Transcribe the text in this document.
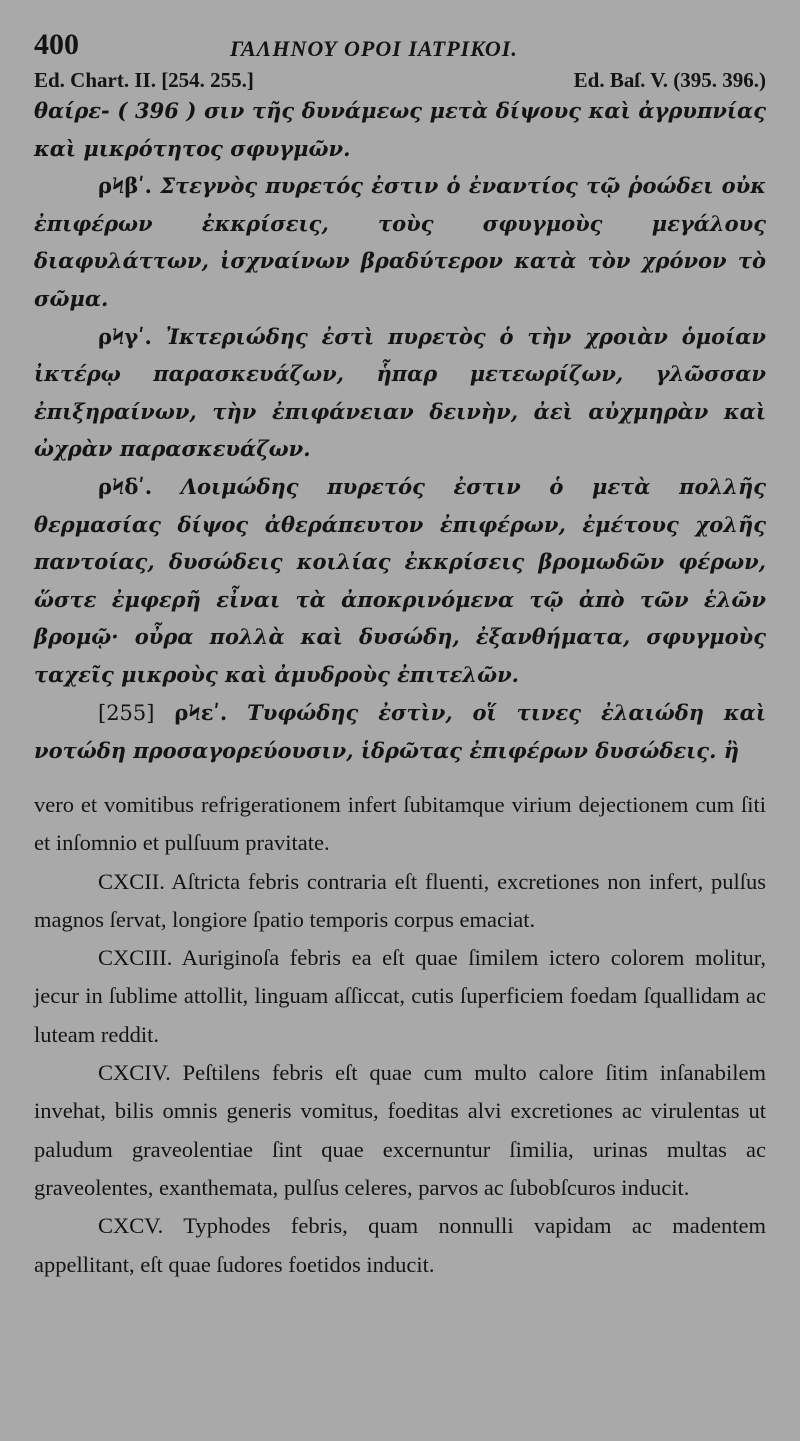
400	ΓΑΛΗΝΟΥ ΟΡΟΙ ΙΑΤΡΙΚΟΙ.
Ed. Chart. II. [254. 255.]	Ed. Baſ. V. (395. 396.)

θαίρε- ( 396 ) σιν τῆς δυνάμεως μετὰ δίψους καὶ ἀγρυπνίας καὶ μικρότητος σφυγμῶν.

ρϞβʹ. Στεγνὸς πυρετός ἐστιν ὁ ἐναντίος τῷ ῥοώδει οὐκ ἐπιφέρων ἐκκρίσεις, τοὺς σφυγμοὺς μεγάλους διαφυλάττων, ἰσχναίνων βραδύτερον κατὰ τὸν χρόνον τὸ σῶμα.

ρϞγʹ. Ἰκτεριώδης ἐστὶ πυρετὸς ὁ τὴν χροιὰν ὁμοίαν ἰκτέρῳ παρασκευάζων, ἧπαρ μετεωρίζων, γλῶσσαν ἐπιξηραίνων, τὴν ἐπιφάνειαν δεινὴν, ἀεὶ αὐχμηρὰν καὶ ὠχρὰν παρασκευάζων.

ρϞδʹ. Λοιμώδης πυρετός ἐστιν ὁ μετὰ πολλῆς θερμασίας δίψος ἀθεράπευτον ἐπιφέρων, ἐμέτους χολῆς παντοίας, δυσώδεις κοιλίας ἐκκρίσεις βρομωδῶν φέρων, ὥστε ἐμφερῆ εἶναι τὰ ἀποκρινόμενα τῷ ἀπὸ τῶν ἑλῶν βρομῷ· οὖρα πολλὰ καὶ δυσώδη, ἐξανθήματα, σφυγμοὺς ταχεῖς μικροὺς καὶ ἀμυδροὺς ἐπιτελῶν.

[255] ρϞεʹ. Τυφώδης ἐστὶν, οἵ τινες ἐλαιώδη καὶ νοτώδη προσαγορεύουσιν, ἱδρῶτας ἐπιφέρων δυσώδεις. ἢ

vero et vomitibus refrigerationem infert ſubitamque virium dejectionem cum ſiti et inſomnio et pulſuum pravitate.

CXCII. Aſtricta febris contraria eſt fluenti, excretiones non infert, pulſus magnos ſervat, longiore ſpatio temporis corpus emaciat.

CXCIII. Auriginoſa febris ea eſt quae ſimilem ictero colorem molitur, jecur in ſublime attollit, linguam aſſiccat, cutis ſuperficiem foedam ſquallidam ac luteam reddit.

CXCIV. Peſtilens febris eſt quae cum multo calore ſitim inſanabilem invehat, bilis omnis generis vomitus, foeditas alvi excretiones ac virulentas ut paludum graveolentiae ſint quae excernuntur ſimilia, urinas multas ac graveolentes, exanthemata, pulſus celeres, parvos ac ſubobſcuros inducit.

CXCV. Typhodes febris, quam nonnulli vapidam ac madentem appellitant, eſt quae ſudores foetidos inducit.
